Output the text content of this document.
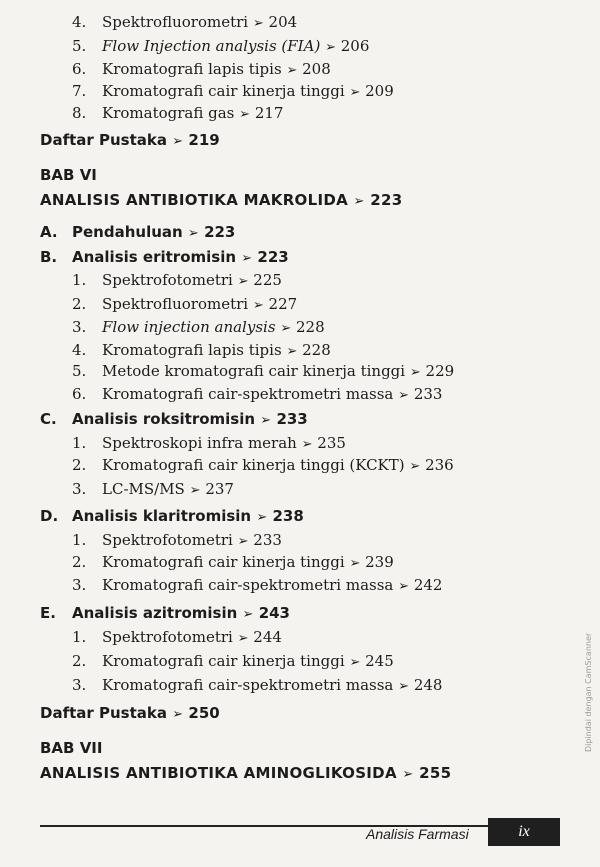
4. Spektrofluorometri ➢ 204
5. Flow Injection analysis (FIA) ➢ 206
6. Kromatografi lapis tipis ➢ 208
7. Kromatografi cair kinerja tinggi ➢ 209
8. Kromatografi gas ➢ 217
Daftar Pustaka ➢ 219
BAB VI
ANALISIS ANTIBIOTIKA MAKROLIDA ➢ 223
A. Pendahuluan ➢ 223
B. Analisis eritromisin ➢ 223
1. Spektrofotometri ➢ 225
2. Spektrofluorometri ➢ 227
3. Flow injection analysis ➢ 228
4. Kromatografi lapis tipis ➢ 228
5. Metode kromatografi cair kinerja tinggi ➢ 229
6. Kromatografi cair-spektrometri massa ➢ 233
C. Analisis roksitromisin ➢ 233
1. Spektroskopi infra merah ➢ 235
2. Kromatografi cair kinerja tinggi (KCKT) ➢ 236
3. LC-MS/MS ➢ 237
D. Analisis klaritromisin ➢ 238
1. Spektrofotometri ➢ 233
2. Kromatografi cair kinerja tinggi ➢ 239
3. Kromatografi cair-spektrometri massa ➢ 242
E. Analisis azitromisin ➢ 243
1. Spektrofotometri ➢ 244
2. Kromatografi cair kinerja tinggi ➢ 245
3. Kromatografi cair-spektrometri massa ➢ 248
Daftar Pustaka ➢ 250
BAB VII
ANALISIS ANTIBIOTIKA AMINOGLIKOSIDA ➢ 255
Analisis Farmasi	ix
Dipindai dengan CamScanner
